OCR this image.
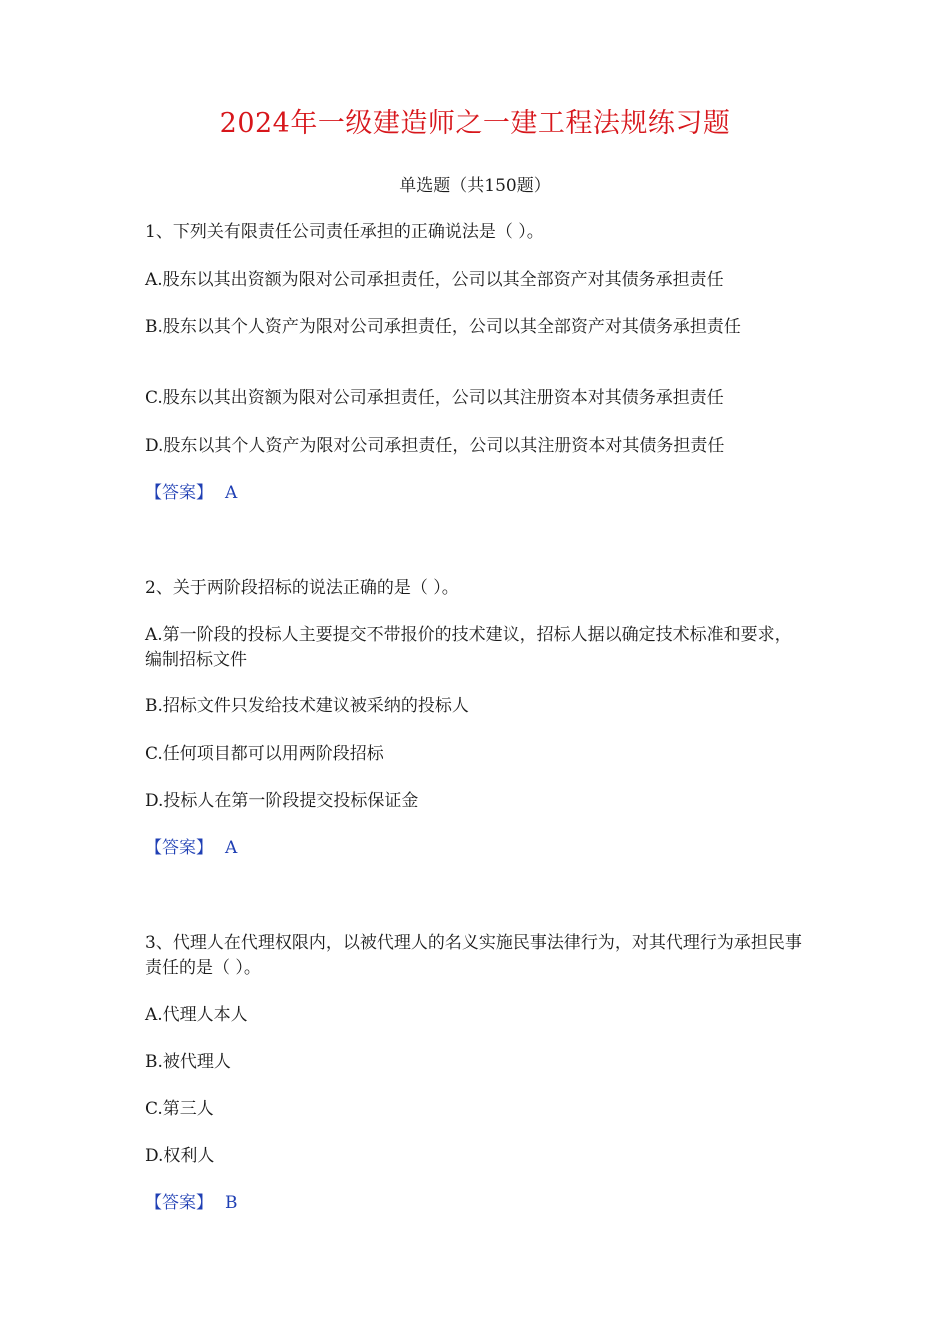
2024年一级建造师之一建工程法规练习题
单选题（共150题）
1、下列关有限责任公司责任承担的正确说法是（ ）。
A.股东以其出资额为限对公司承担责任，公司以其全部资产对其债务承担责任
B.股东以其个人资产为限对公司承担责任，公司以其全部资产对其债务承担责任
C.股东以其出资额为限对公司承担责任，公司以其注册资本对其债务承担责任
D.股东以其个人资产为限对公司承担责任，公司以其注册资本对其债务担责任
【答案】 A
2、关于两阶段招标的说法正确的是（ ）。
A.第一阶段的投标人主要提交不带报价的技术建议，招标人据以确定技术标准和要求，编制招标文件
B.招标文件只发给技术建议被采纳的投标人
C.任何项目都可以用两阶段招标
D.投标人在第一阶段提交投标保证金
【答案】 A
3、代理人在代理权限内，以被代理人的名义实施民事法律行为，对其代理行为承担民事责任的是（ ）。
A.代理人本人
B.被代理人
C.第三人
D.权利人
【答案】 B
